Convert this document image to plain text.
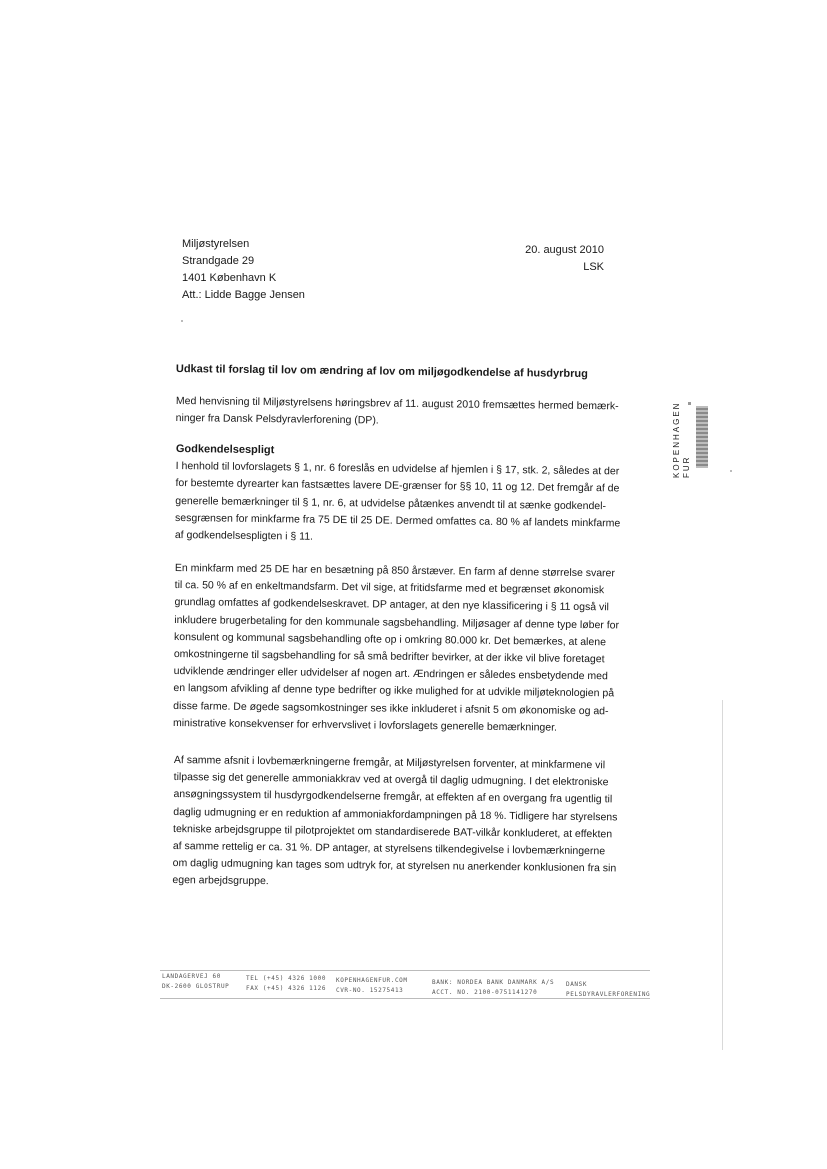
Miljøstyrelsen
Strandgade 29
1401 København K
Att.: Lidde Bagge Jensen
20. august 2010
LSK
Udkast til forslag til lov om ændring af lov om miljøgodkendelse af husdyrbrug
Med henvisning til Miljøstyrelsens høringsbrev af 11. august 2010 fremsættes hermed bemærk-
ninger fra Dansk Pelsdyravlerforening (DP).
Godkendelsespligt
I henhold til lovforslagets § 1, nr. 6 foreslås en udvidelse af hjemlen i § 17, stk. 2, således at der
for bestemte dyrearter kan fastsættes lavere DE-grænser for §§ 10, 11 og 12. Det fremgår af de
generelle bemærkninger til § 1, nr. 6, at udvidelse påtænkes anvendt til at sænke godkendel-
sesgrænsen for minkfarme fra 75 DE til 25 DE. Dermed omfattes ca. 80 % af landets minkfarme
af godkendelsespligten i § 11.
En minkfarm med 25 DE har en besætning på 850 årstæver. En farm af denne størrelse svarer
til ca. 50 % af en enkeltmandsfarm. Det vil sige, at fritidsfarme med et begrænset økonomisk
grundlag omfattes af godkendelseskravet. DP antager, at den nye klassificering i § 11 også vil
inkludere brugerbetaling for den kommunale sagsbehandling. Miljøsager af denne type løber for
konsulent og kommunal sagsbehandling ofte op i omkring 80.000 kr. Det bemærkes, at alene
omkostningerne til sagsbehandling for så små bedrifter bevirker, at der ikke vil blive foretaget
udviklende ændringer eller udvidelser af nogen art. Ændringen er således ensbetydende med
en langsom afvikling af denne type bedrifter og ikke mulighed for at udvikle miljøteknologien på
disse farme. De øgede sagsomkostninger ses ikke inkluderet i afsnit 5 om økonomiske og ad-
ministrative konsekvenser for erhvervslivet i lovforslagets generelle bemærkninger.
Af samme afsnit i lovbemærkningerne fremgår, at Miljøstyrelsen forventer, at minkfarmene vil
tilpasse sig det generelle ammoniakkrav ved at overgå til daglig udmugning. I det elektroniske
ansøgningssystem til husdyrgodkendelserne fremgår, at effekten af en overgang fra ugentlig til
daglig udmugning er en reduktion af ammoniakfordampningen på 18 %. Tidligere har styrelsens
tekniske arbejdsgruppe til pilotprojektet om standardiserede BAT-vilkår konkluderet, at effekten
af samme rettelig er ca. 31 %. DP antager, at styrelsens tilkendegivelse i lovbemærkningerne
om daglig udmugning kan tages som udtryk for, at styrelsen nu anerkender konklusionen fra sin
egen arbejdsgruppe.
KOPENHAGEN FUR
LANDAGERVEJ 60
DK-2600 GLOSTRUP
TEL (+45) 4326 1000
FAX (+45) 4326 1126
KOPENHAGENFUR.COM
CVR-NO. 15275413
BANK: NORDEA BANK DANMARK A/S
ACCT. NO. 2100-0751141270
DANSK
PELSDYRAVLERFORENING
